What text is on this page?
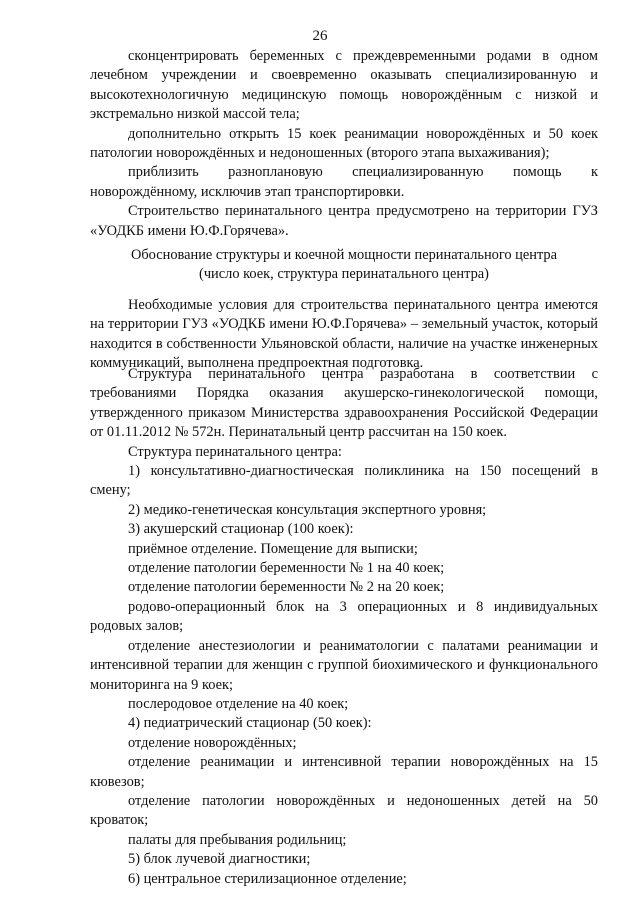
26

сконцентрировать беременных с преждевременными родами в одном лечебном учреждении и своевременно оказывать специализированную и высокотехнологичную медицинскую помощь новорождённым с низкой и экстремально низкой массой тела;

дополнительно открыть 15 коек реанимации новорождённых и 50 коек патологии новорождённых и недоношенных (второго этапа выхаживания);

приблизить разноплановую специализированную помощь к новорождённому, исключив этап транспортировки.

Строительство перинатального центра предусмотрено на территории ГУЗ «УОДКБ имени Ю.Ф.Горячева».

Обоснование структуры и коечной мощности перинатального центра

(число коек, структура перинатального центра)

Необходимые условия для строительства перинатального центра имеются на территории ГУЗ «УОДКБ имени Ю.Ф.Горячева» – земельный участок, который находится в собственности Ульяновской области, наличие на участке инженерных коммуникаций, выполнена предпроектная подготовка.

Структура перинатального центра разработана в соответствии с требованиями Порядка оказания акушерско-гинекологической помощи, утвержденного приказом Министерства здравоохранения Российской Федерации от 01.11.2012 № 572н. Перинатальный центр рассчитан на 150 коек.

Структура перинатального центра:

1) консультативно-диагностическая поликлиника на 150 посещений в смену;

2) медико-генетическая консультация экспертного уровня;

3) акушерский стационар (100 коек):

приёмное отделение. Помещение для выписки;

отделение патологии беременности № 1 на 40 коек;

отделение патологии беременности № 2 на 20 коек;

родово-операционный блок на 3 операционных и 8 индивидуальных родовых залов;

отделение анестезиологии и реаниматологии с палатами реанимации и интенсивной терапии для женщин с группой биохимического и функционального мониторинга на 9 коек;

послеродовое отделение на 40 коек;

4) педиатрический стационар (50 коек):

отделение новорождённых;

отделение реанимации и интенсивной терапии новорождённых на 15 кювезов;

отделение патологии новорождённых и недоношенных детей на 50 кроваток;

палаты для пребывания родильниц;

5) блок лучевой диагностики;

6) центральное стерилизационное отделение;
